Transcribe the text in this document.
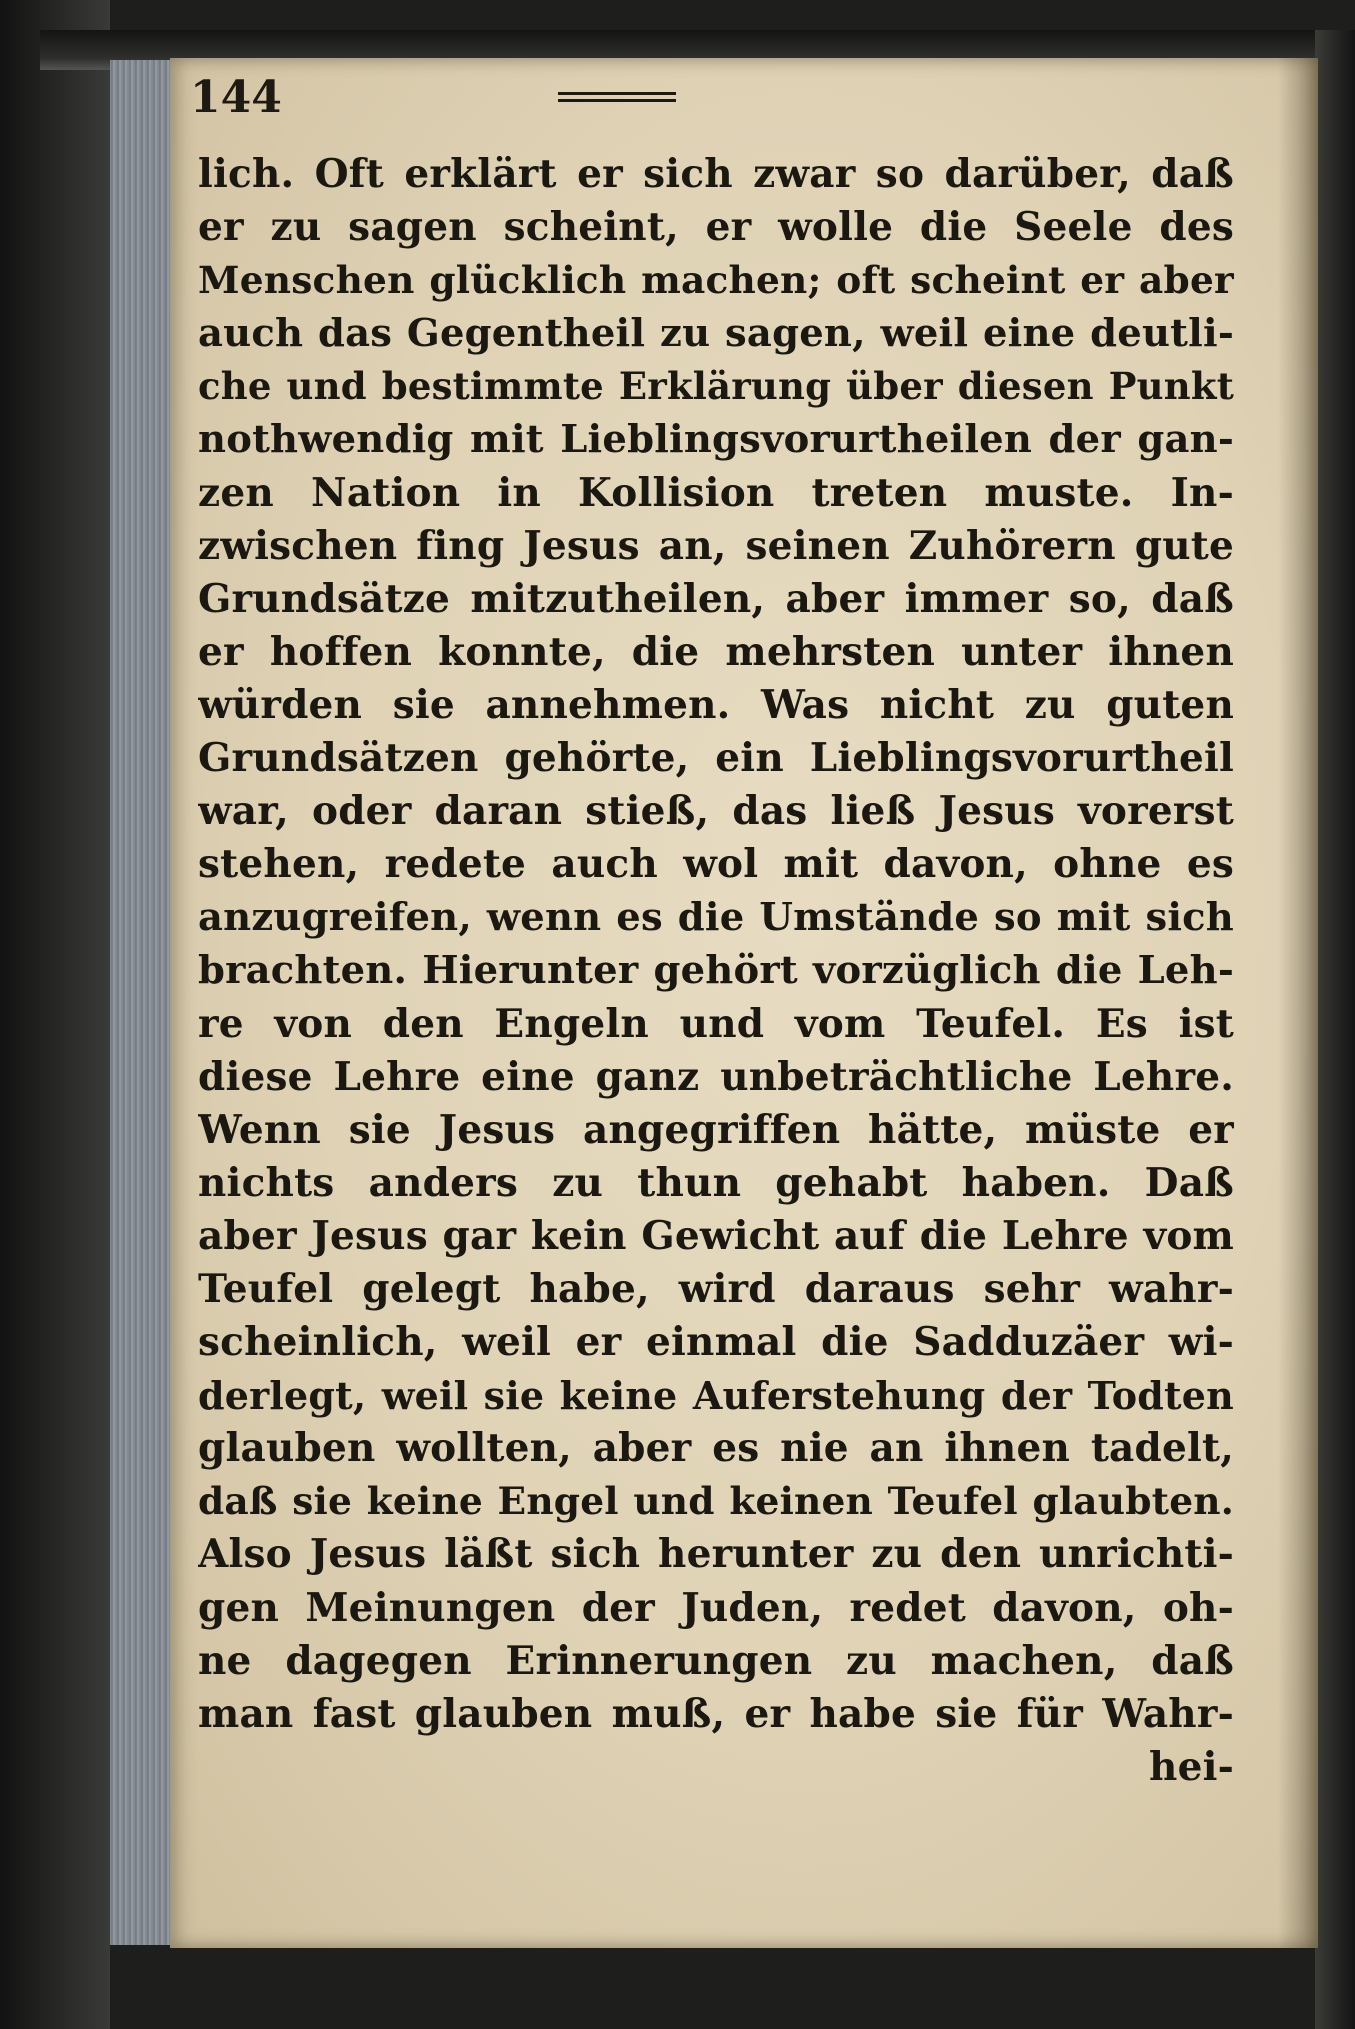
144
lich. Oft erklärt er sich zwar so darüber, daß
er zu sagen scheint, er wolle die Seele des
Menschen glücklich machen; oft scheint er aber
auch das Gegentheil zu sagen, weil eine deutli-
che und bestimmte Erklärung über diesen Punkt
nothwendig mit Lieblingsvorurtheilen der gan-
zen Nation in Kollision treten muste. In-
zwischen fing Jesus an, seinen Zuhörern gute
Grundsätze mitzutheilen, aber immer so, daß
er hoffen konnte, die mehrsten unter ihnen
würden sie annehmen. Was nicht zu guten
Grundsätzen gehörte, ein Lieblingsvorurtheil
war, oder daran stieß, das ließ Jesus vorerst
stehen, redete auch wol mit davon, ohne es
anzugreifen, wenn es die Umstände so mit sich
brachten. Hierunter gehört vorzüglich die Leh-
re von den Engeln und vom Teufel. Es ist
diese Lehre eine ganz unbeträchtliche Lehre.
Wenn sie Jesus angegriffen hätte, müste er
nichts anders zu thun gehabt haben. Daß
aber Jesus gar kein Gewicht auf die Lehre vom
Teufel gelegt habe, wird daraus sehr wahr-
scheinlich, weil er einmal die Sadduzäer wi-
derlegt, weil sie keine Auferstehung der Todten
glauben wollten, aber es nie an ihnen tadelt,
daß sie keine Engel und keinen Teufel glaubten.
Also Jesus läßt sich herunter zu den unrichti-
gen Meinungen der Juden, redet davon, oh-
ne dagegen Erinnerungen zu machen, daß
man fast glauben muß, er habe sie für Wahr-
hei-
